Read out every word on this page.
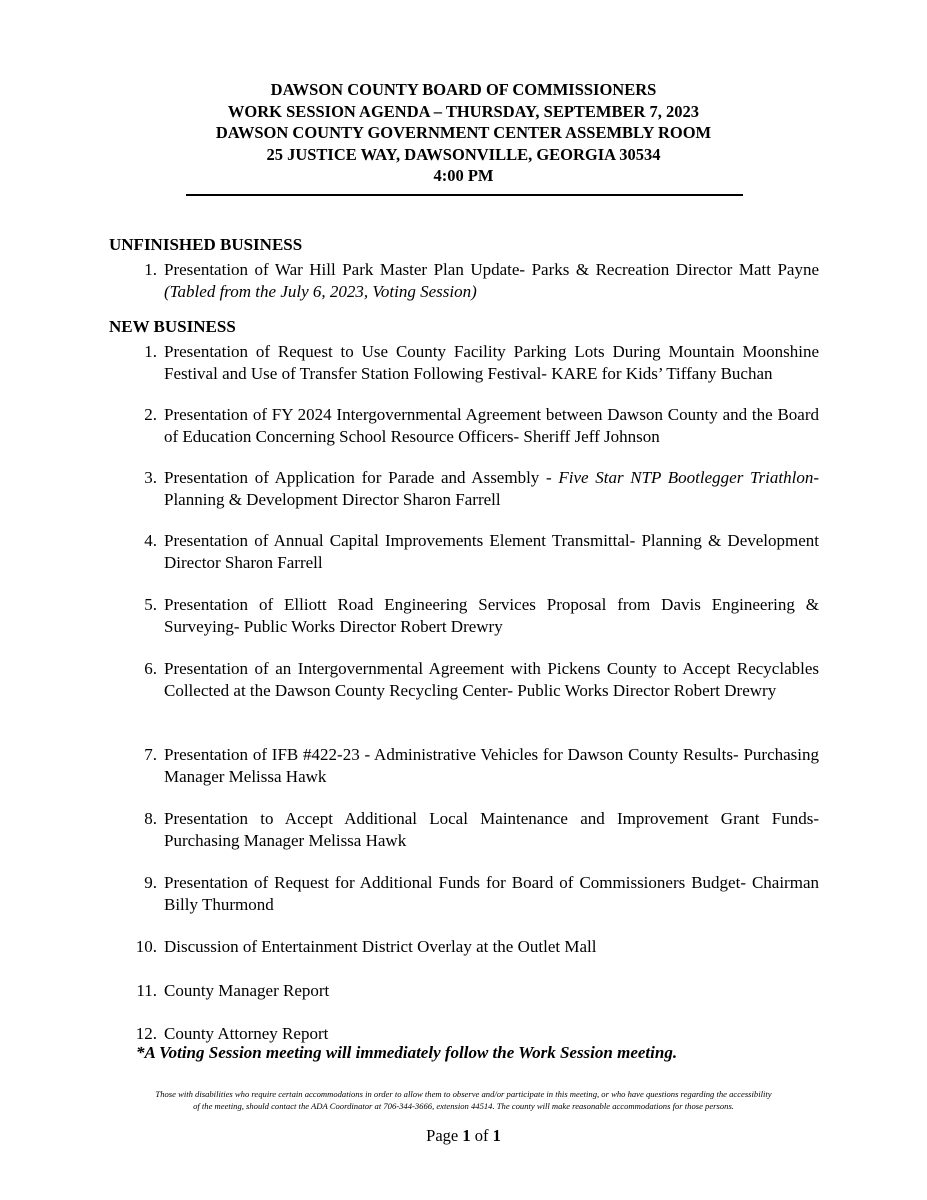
DAWSON COUNTY BOARD OF COMMISSIONERS
WORK SESSION AGENDA – THURSDAY, SEPTEMBER 7, 2023
DAWSON COUNTY GOVERNMENT CENTER ASSEMBLY ROOM
25 JUSTICE WAY, DAWSONVILLE, GEORGIA 30534
4:00 PM
UNFINISHED BUSINESS
1. Presentation of War Hill Park Master Plan Update- Parks & Recreation Director Matt Payne (Tabled from the July 6, 2023, Voting Session)
NEW BUSINESS
1. Presentation of Request to Use County Facility Parking Lots During Mountain Moonshine Festival and Use of Transfer Station Following Festival- KARE for Kids’ Tiffany Buchan
2. Presentation of FY 2024 Intergovernmental Agreement between Dawson County and the Board of Education Concerning School Resource Officers- Sheriff Jeff Johnson
3. Presentation of Application for Parade and Assembly - Five Star NTP Bootlegger Triathlon- Planning & Development Director Sharon Farrell
4. Presentation of Annual Capital Improvements Element Transmittal- Planning & Development Director Sharon Farrell
5. Presentation of Elliott Road Engineering Services Proposal from Davis Engineering & Surveying- Public Works Director Robert Drewry
6. Presentation of an Intergovernmental Agreement with Pickens County to Accept Recyclables Collected at the Dawson County Recycling Center- Public Works Director Robert Drewry
7. Presentation of IFB #422-23 - Administrative Vehicles for Dawson County Results- Purchasing Manager Melissa Hawk
8. Presentation to Accept Additional Local Maintenance and Improvement Grant Funds- Purchasing Manager Melissa Hawk
9. Presentation of Request for Additional Funds for Board of Commissioners Budget- Chairman Billy Thurmond
10. Discussion of Entertainment District Overlay at the Outlet Mall
11. County Manager Report
12. County Attorney Report
*A Voting Session meeting will immediately follow the Work Session meeting.
Those with disabilities who require certain accommodations in order to allow them to observe and/or participate in this meeting, or who have questions regarding the accessibility
of the meeting, should contact the ADA Coordinator at 706-344-3666, extension 44514. The county will make reasonable accommodations for those persons.
Page 1 of 1
